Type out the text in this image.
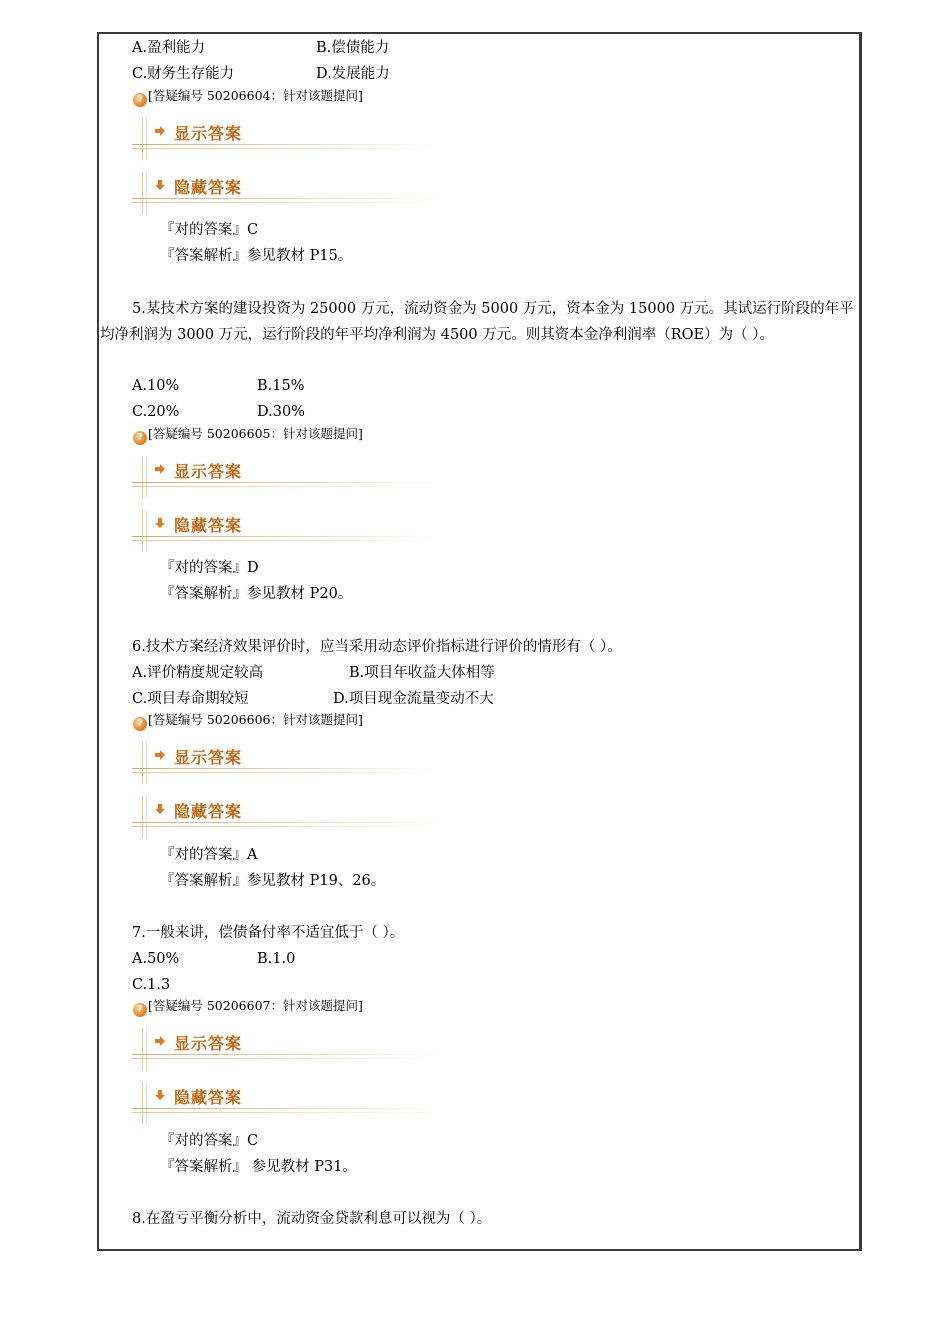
A.盈利能力	B.偿债能力
C.财务生存能力	D.发展能力
? [答疑编号 50206604：针对该题提问]
显示答案
隐藏答案
『对的答案』C
『答案解析』参见教材 P15。
5.某技术方案的建设投资为 25000 万元，流动资金为 5000 万元，资本金为 15000 万元。其试运行阶段的年平均净利润为 3000 万元，运行阶段的年平均净利润为 4500 万元。则其资本金净利润率（ROE）为（ ）。
A.10%	B.15%
C.20%	D.30%
? [答疑编号 50206605：针对该题提问]
显示答案
隐藏答案
『对的答案』D
『答案解析』参见教材 P20。
6.技术方案经济效果评价时，应当采用动态评价指标进行评价的情形有（ ）。
A.评价精度规定较高	B.项目年收益大体相等
C.项目寿命期较短	D.项目现金流量变动不大
? [答疑编号 50206606：针对该题提问]
显示答案
隐藏答案
『对的答案』A
『答案解析』参见教材 P19、26。
7.一般来讲，偿债备付率不适宜低于（ ）。
A.50%	B.1.0
C.1.3
? [答疑编号 50206607：针对该题提问]
显示答案
隐藏答案
『对的答案』C
『答案解析』 参见教材 P31。
8.在盈亏平衡分析中，流动资金贷款利息可以视为（ ）。
